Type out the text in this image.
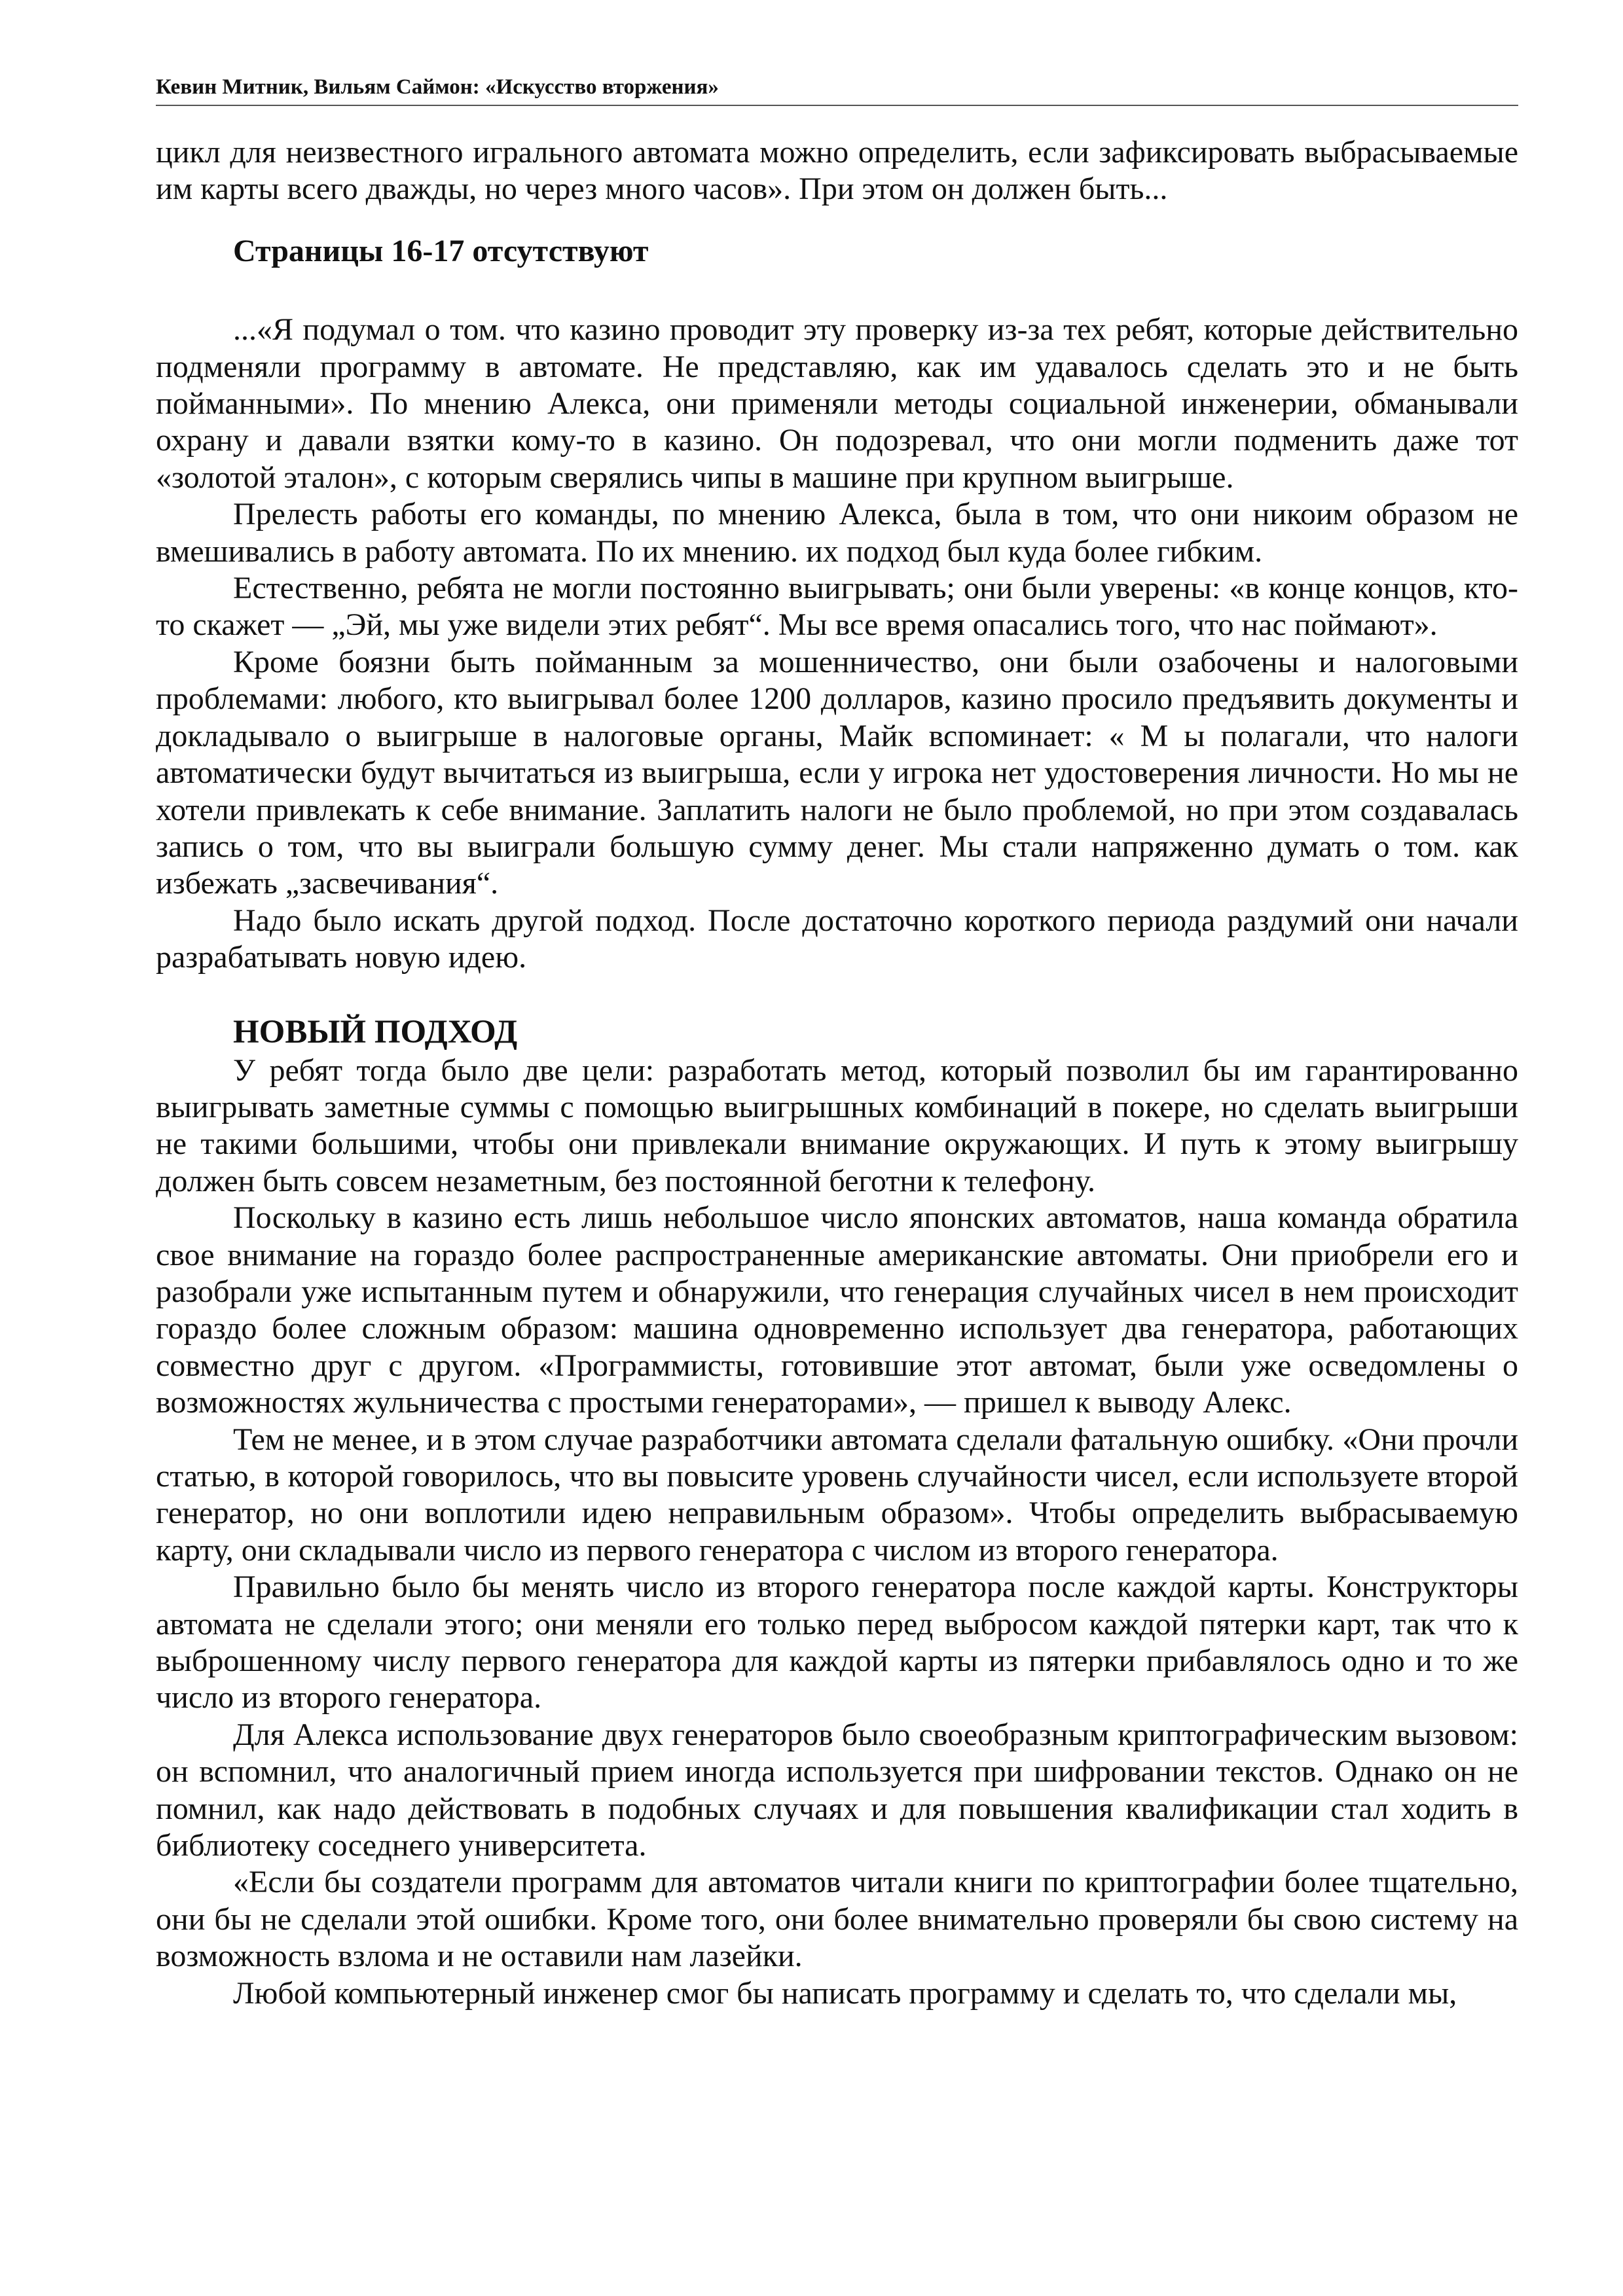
Кевин Митник, Вильям Саймон: «Искусство вторжения»

цикл для неизвестного игрального автомата можно определить, если зафиксировать выбрасываемые им карты всего дважды, но через много часов». При этом он должен быть...

Страницы 16-17 отсутствуют

...«Я подумал о том. что казино проводит эту проверку из-за тех ребят, которые действительно подменяли программу в автомате. Не представляю, как им удавалось сделать это и не быть пойманными». По мнению Алекса, они применяли методы социальной инженерии, обманывали охрану и давали взятки кому-то в казино. Он подозревал, что они могли подменить даже тот «золотой эталон», с которым сверялись чипы в машине при крупном выигрыше.

Прелесть работы его команды, по мнению Алекса, была в том, что они никоим образом не вмешивались в работу автомата. По их мнению. их подход был куда более гибким.

Естественно, ребята не могли постоянно выигрывать; они были уверены: «в конце концов, кто-то скажет — „Эй, мы уже видели этих ребят“. Мы все время опасались того, что нас поймают».

Кроме боязни быть пойманным за мошенничество, они были озабочены и налоговыми проблемами: любого, кто выигрывал более 1200 долларов, казино просило предъявить документы и докладывало о выигрыше в налоговые органы, Майк вспоминает: « М ы полагали, что налоги автоматически будут вычитаться из выигрыша, если у игрока нет удостоверения личности. Но мы не хотели привлекать к себе внимание. Заплатить налоги не было проблемой, но при этом создавалась запись о том, что вы выиграли большую сумму денег. Мы стали напряженно думать о том. как избежать „засвечивания“.

Надо было искать другой подход. После достаточно короткого периода раздумий они начали разрабатывать новую идею.

НОВЫЙ ПОДХОД

У ребят тогда было две цели: разработать метод, который позволил бы им гарантированно выигрывать заметные суммы с помощью выигрышных комбинаций в покере, но сделать выигрыши не такими большими, чтобы они привлекали внимание окружающих. И путь к этому выигрышу должен быть совсем незаметным, без постоянной беготни к телефону.

Поскольку в казино есть лишь небольшое число японских автоматов, наша команда обратила свое внимание на гораздо более распространенные американские автоматы. Они приобрели его и разобрали уже испытанным путем и обнаружили, что генерация случайных чисел в нем происходит гораздо более сложным образом: машина одновременно использует два генератора, работающих совместно друг с другом. «Программисты, готовившие этот автомат, были уже осведомлены о возможностях жульничества с простыми генераторами», — пришел к выводу Алекс.

Тем не менее, и в этом случае разработчики автомата сделали фатальную ошибку. «Они прочли статью, в которой говорилось, что вы повысите уровень случайности чисел, если используете второй генератор, но они воплотили идею неправильным образом». Чтобы определить выбрасываемую карту, они складывали число из первого генератора с числом из второго генератора.

Правильно было бы менять число из второго генератора после каждой карты. Конструкторы автомата не сделали этого; они меняли его только перед выбросом каждой пятерки карт, так что к выброшенному числу первого генератора для каждой карты из пятерки прибавлялось одно и то же число из второго генератора.

Для Алекса использование двух генераторов было своеобразным криптографическим вызовом: он вспомнил, что аналогичный прием иногда используется при шифровании текстов. Однако он не помнил, как надо действовать в подобных случаях и для повышения квалификации стал ходить в библиотеку соседнего университета.

«Если бы создатели программ для автоматов читали книги по криптографии более тщательно, они бы не сделали этой ошибки. Кроме того, они более внимательно проверяли бы свою систему на возможность взлома и не оставили нам лазейки.

Любой компьютерный инженер смог бы написать программу и сделать то, что сделали мы,
